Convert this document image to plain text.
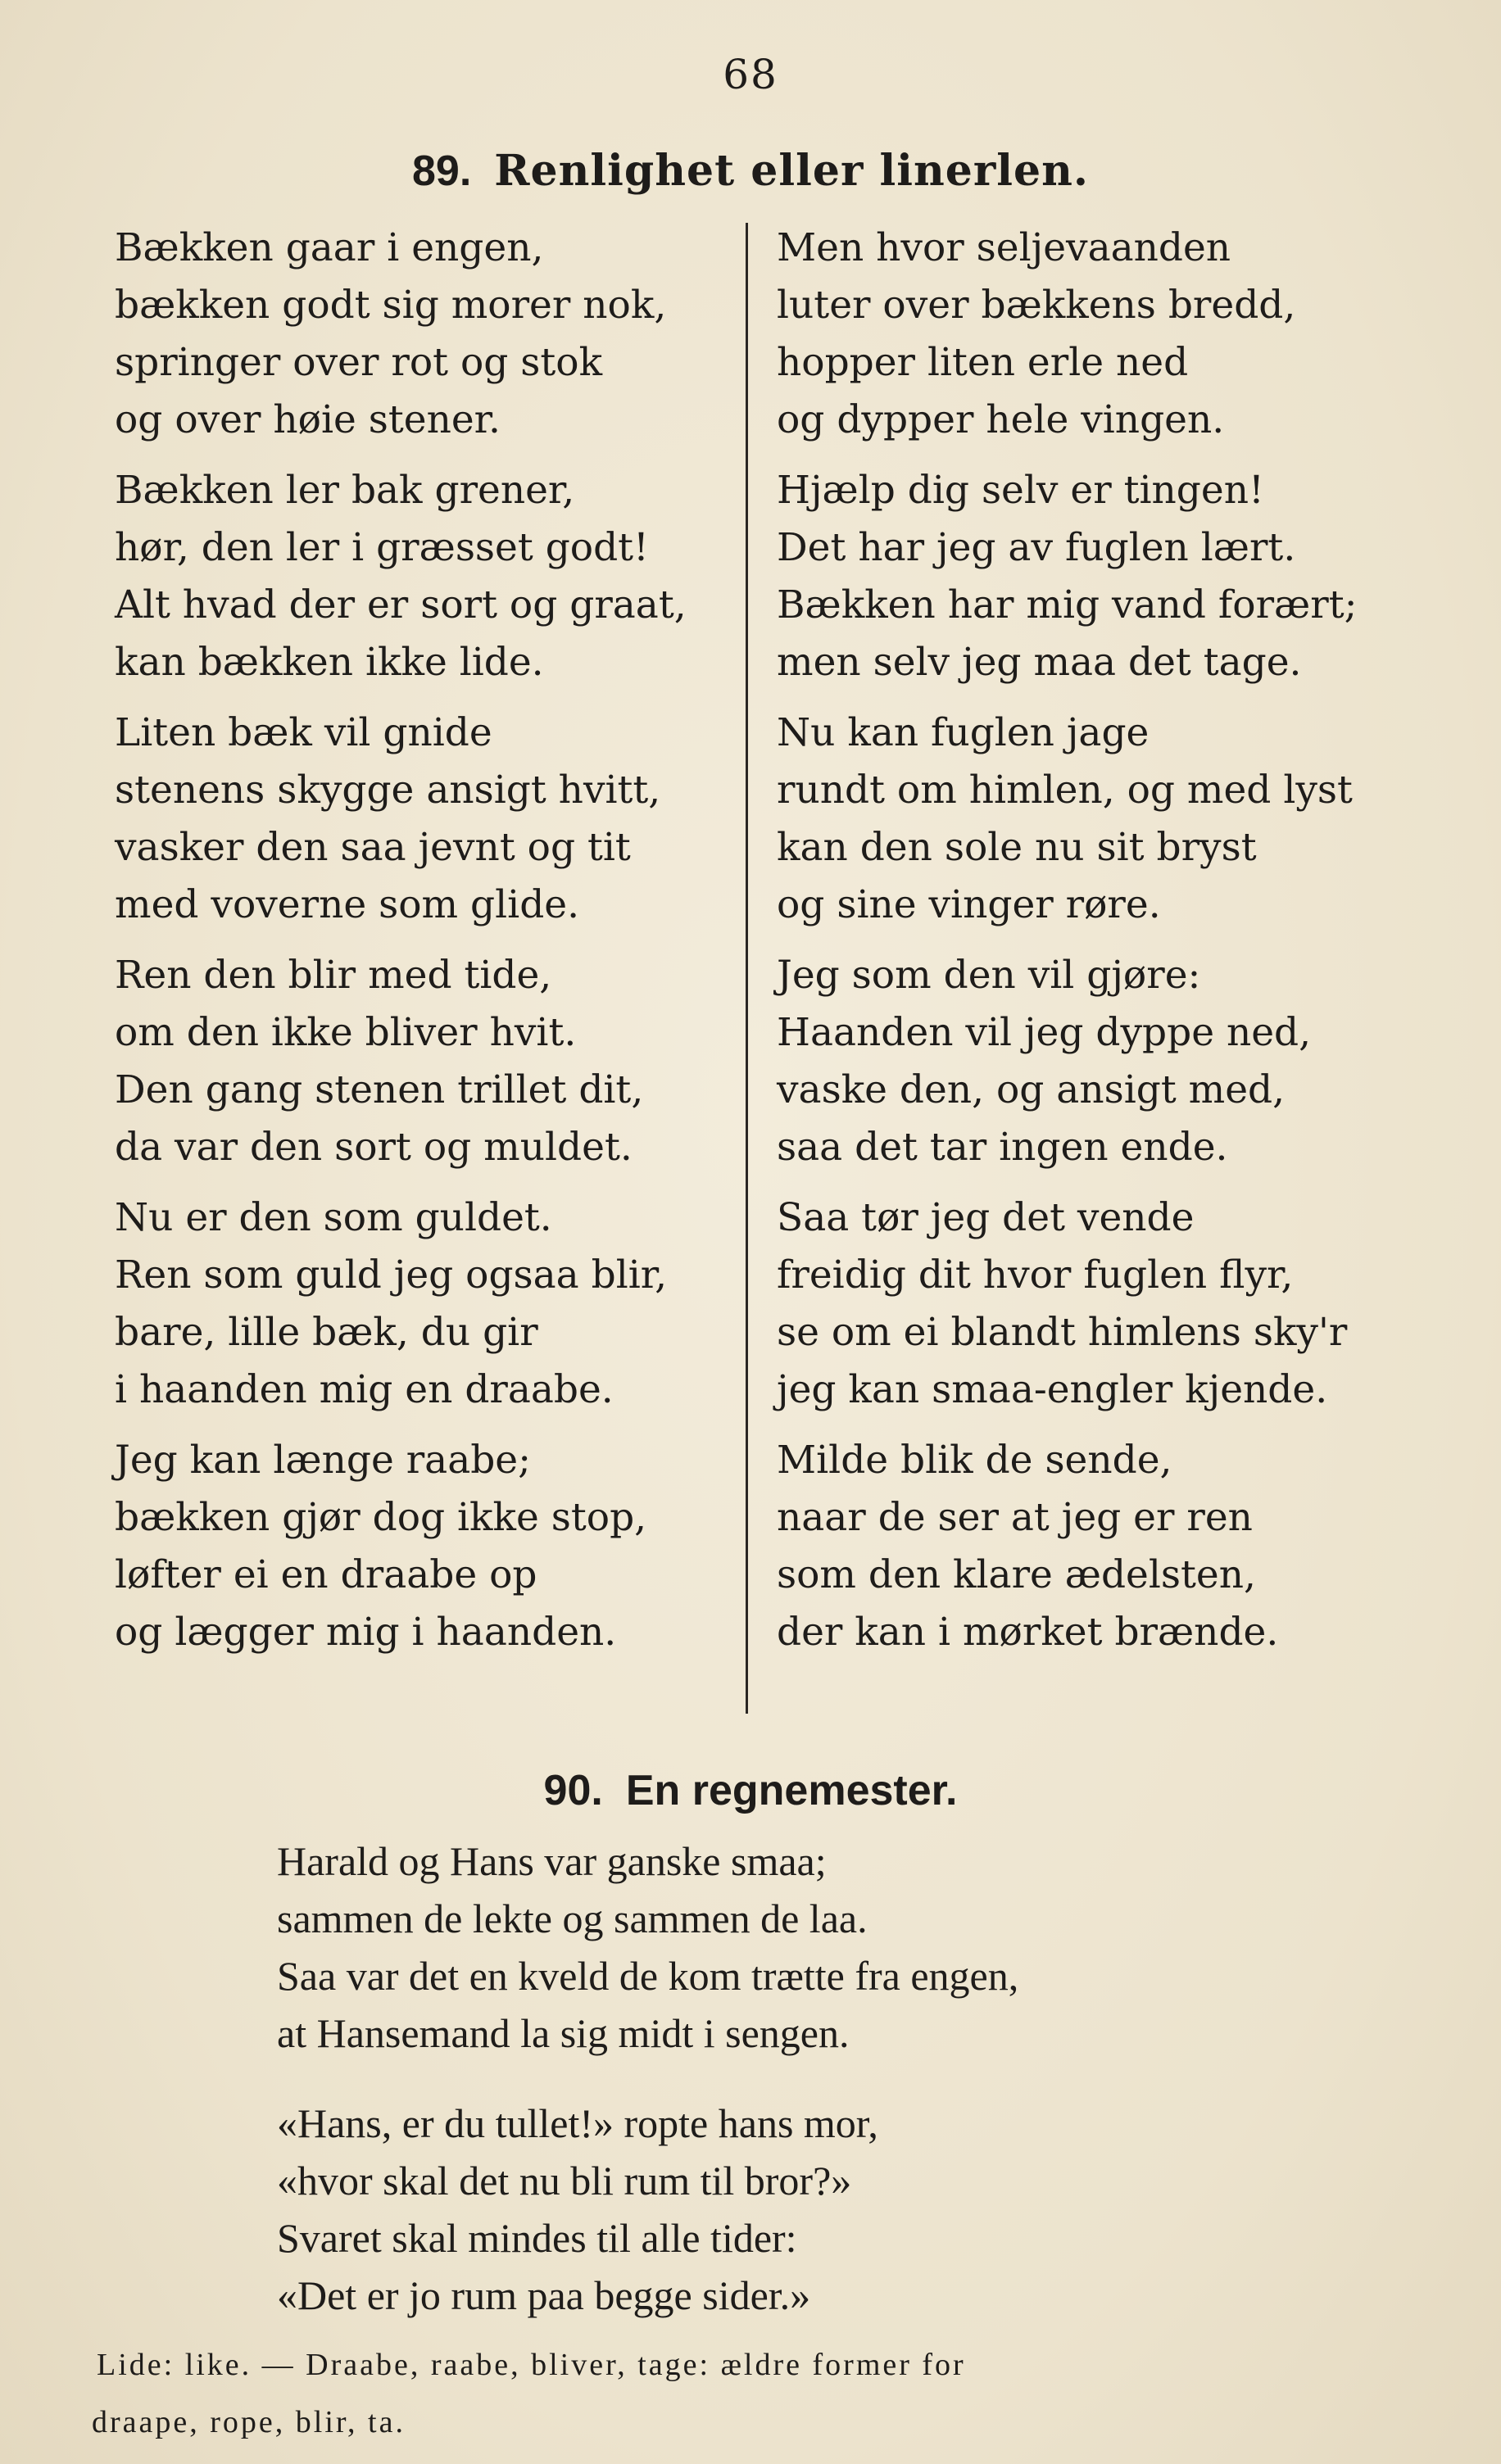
68
89. Renlighet eller linerlen.
Bækken gaar i engen,
bækken godt sig morer nok,
springer over rot og stok
og over høie stener.
Bækken ler bak grener,
hør, den ler i græsset godt!
Alt hvad der er sort og graat,
kan bækken ikke lide.
Liten bæk vil gnide
stenens skygge ansigt hvitt,
vasker den saa jevnt og tit
med voverne som glide.
Ren den blir med tide,
om den ikke bliver hvit.
Den gang stenen trillet dit,
da var den sort og muldet.
Nu er den som guldet.
Ren som guld jeg ogsaa blir,
bare, lille bæk, du gir
i haanden mig en draabe.
Jeg kan længe raabe;
bækken gjør dog ikke stop,
løfter ei en draabe op
og lægger mig i haanden.
Men hvor seljevaanden
luter over bækkens bredd,
hopper liten erle ned
og dypper hele vingen.
Hjælp dig selv er tingen!
Det har jeg av fuglen lært.
Bækken har mig vand forært;
men selv jeg maa det tage.
Nu kan fuglen jage
rundt om himlen, og med lyst
kan den sole nu sit bryst
og sine vinger røre.
Jeg som den vil gjøre:
Haanden vil jeg dyppe ned,
vaske den, og ansigt med,
saa det tar ingen ende.
Saa tør jeg det vende
freidig dit hvor fuglen flyr,
se om ei blandt himlens sky'r
jeg kan smaa-engler kjende.
Milde blik de sende,
naar de ser at jeg er ren
som den klare ædelsten,
der kan i mørket brænde.
90. En regnemester.
Harald og Hans var ganske smaa;
sammen de lekte og sammen de laa.
Saa var det en kveld de kom trætte fra engen,
at Hansemand la sig midt i sengen.
«Hans, er du tullet!» ropte hans mor,
«hvor skal det nu bli rum til bror?»
Svaret skal mindes til alle tider:
«Det er jo rum paa begge sider.»
Lide: like. — Draabe, raabe, bliver, tage: ældre former for
draape, rope, blir, ta.
